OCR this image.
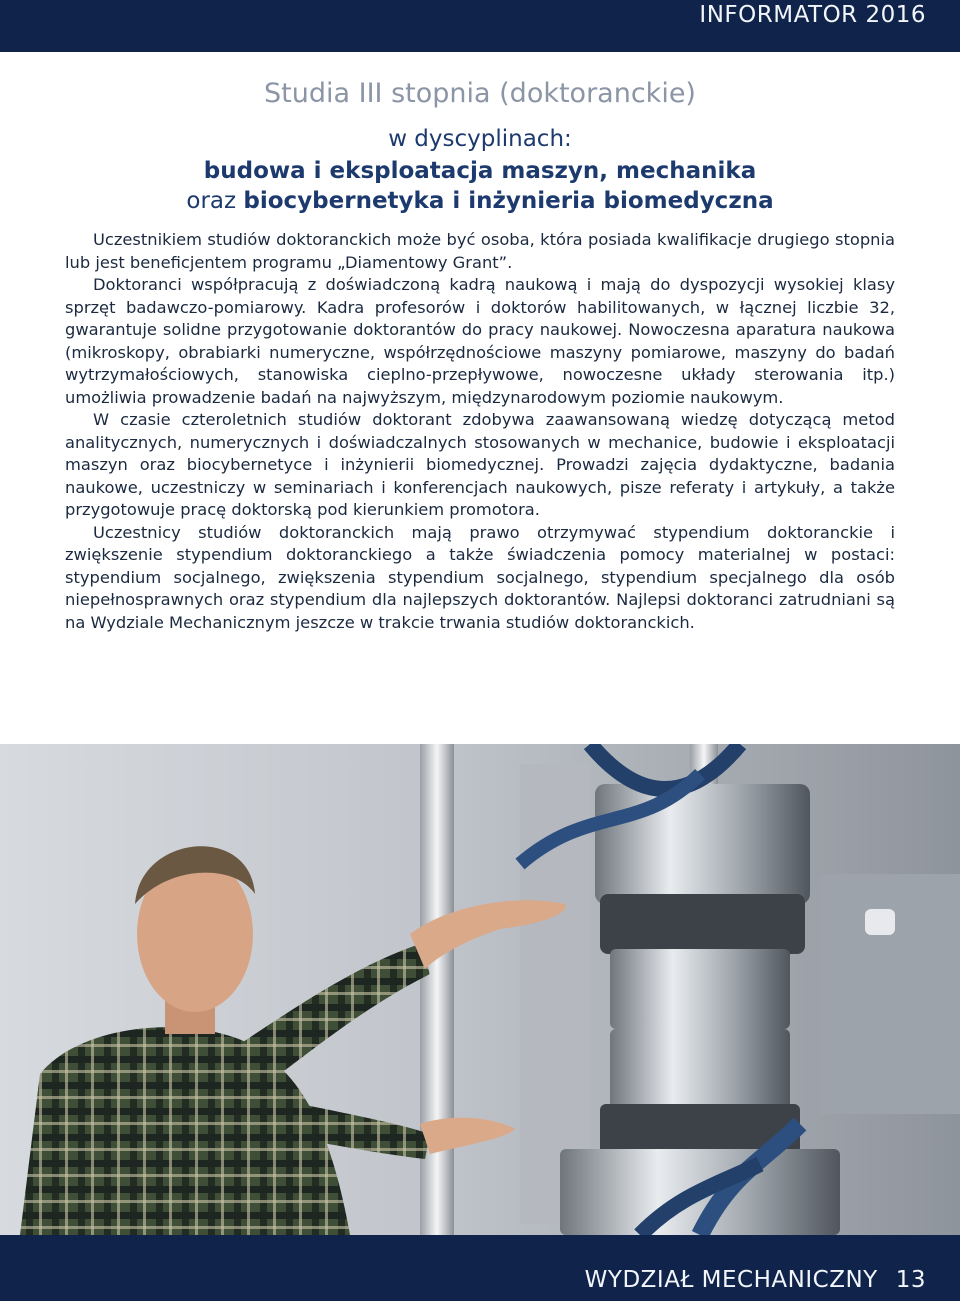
INFORMATOR 2016
Studia III stopnia (doktoranckie)
w dyscyplinach:
budowa i eksploatacja maszyn, mechanika
oraz biocybernetyka i inżynieria biomedyczna

Uczestnikiem studiów doktoranckich może być osoba, która posiada kwalifikacje drugiego stopnia lub jest beneficjentem programu „Diamentowy Grant”.

Doktoranci współpracują z doświadczoną kadrą naukową i mają do dyspozycji wysokiej klasy sprzęt badawczo-pomiarowy. Kadra profesorów i doktorów habilitowanych, w łącznej liczbie 32, gwarantuje solidne przygotowanie doktorantów do pracy naukowej. Nowoczesna aparatura naukowa (mikroskopy, obrabiarki numeryczne, współrzędnościowe maszyny pomiarowe, maszyny do badań wytrzymałościowych, stanowiska cieplno-przepływowe, nowoczesne układy sterowania itp.) umożliwia prowadzenie badań na najwyższym, międzynarodowym poziomie naukowym.

W czasie czteroletnich studiów doktorant zdobywa zaawansowaną wiedzę dotyczącą metod analitycznych, numerycznych i doświadczalnych stosowanych w mechanice, budowie i eksploatacji maszyn oraz biocybernetyce i inżynierii biomedycznej. Prowadzi zajęcia dydaktyczne, badania naukowe, uczestniczy w seminariach i konferencjach naukowych, pisze referaty i artykuły, a także przygotowuje pracę doktorską pod kierunkiem promotora.

Uczestnicy studiów doktoranckich mają prawo otrzymywać stypendium doktoranckie i zwiększenie stypendium doktoranckiego a także świadczenia pomocy materialnej w postaci: stypendium socjalnego, zwiększenia stypendium socjalnego, stypendium specjalnego dla osób niepełnosprawnych oraz stypendium dla najlepszych doktorantów. Najlepsi doktoranci zatrudniani są na Wydziale Mechanicznym jeszcze w trakcie trwania studiów doktoranckich.

WYDZIAŁ MECHANICZNY 13
